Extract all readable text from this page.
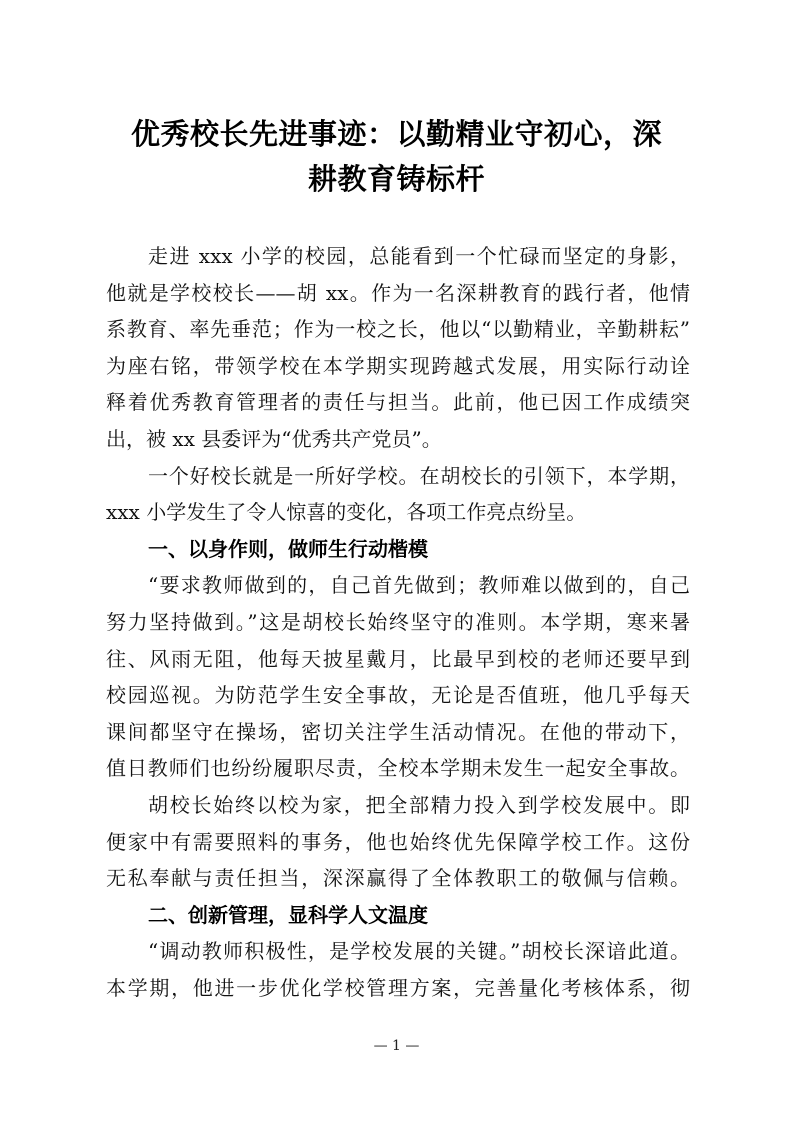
优秀校长先进事迹：以勤精业守初心，深
耕教育铸标杆
走进 xxx 小学的校园，总能看到一个忙碌而坚定的身影，
他就是学校校长——胡 xx。作为一名深耕教育的践行者，他情
系教育、率先垂范；作为一校之长，他以“以勤精业，辛勤耕耘”
为座右铭，带领学校在本学期实现跨越式发展，用实际行动诠
释着优秀教育管理者的责任与担当。此前，他已因工作成绩突
出，被 xx 县委评为“优秀共产党员”。
一个好校长就是一所好学校。在胡校长的引领下，本学期，
xxx 小学发生了令人惊喜的变化，各项工作亮点纷呈。
一、以身作则，做师生行动楷模
“要求教师做到的，自己首先做到；教师难以做到的，自己
努力坚持做到。”这是胡校长始终坚守的准则。本学期，寒来暑
往、风雨无阻，他每天披星戴月，比最早到校的老师还要早到
校园巡视。为防范学生安全事故，无论是否值班，他几乎每天
课间都坚守在操场，密切关注学生活动情况。在他的带动下，
值日教师们也纷纷履职尽责，全校本学期未发生一起安全事故。
胡校长始终以校为家，把全部精力投入到学校发展中。即
便家中有需要照料的事务，他也始终优先保障学校工作。这份
无私奉献与责任担当，深深赢得了全体教职工的敬佩与信赖。
二、创新管理，显科学人文温度
“调动教师积极性，是学校发展的关键。”胡校长深谙此道。
本学期，他进一步优化学校管理方案，完善量化考核体系，彻
— 1 —
